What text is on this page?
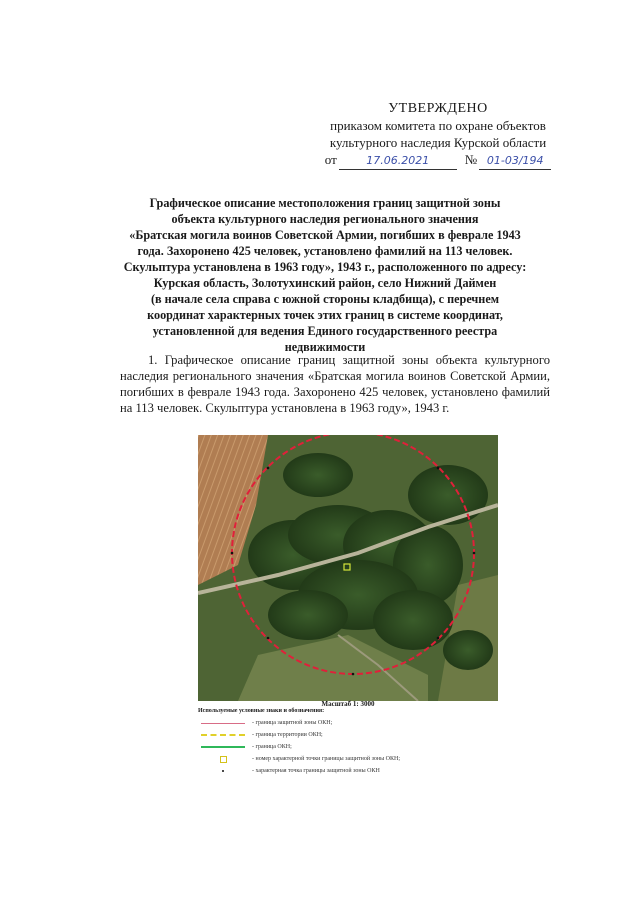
УТВЕРЖДЕНО
приказом комитета по охране объектов
культурного наследия Курской области
от	17.06.2021	№ 01-03/194
Графическое описание местоположения границ защитной зоны
объекта культурного наследия регионального значения
«Братская могила воинов Советской Армии, погибших в феврале 1943
года. Захоронено 425 человек, установлено фамилий на 113 человек.
Скульптура установлена в 1963 году», 1943 г., расположенного по адресу:
Курская область, Золотухинский район, село Нижний Даймен
(в начале села справа с южной стороны кладбища), с перечнем
координат характерных точек этих границ в системе координат,
установленной для ведения Единого государственного реестра
недвижимости

1. Графическое описание границ защитной зоны объекта культурного наследия регионального значения «Братская могила воинов Советской Армии, погибших в феврале 1943 года. Захоронено 425 человек, установлено фамилий на 113 человек. Скульптура установлена в 1963 году», 1943 г.

Масштаб 1: 3000
Используемые условные знаки и обозначения:
- граница защитной зоны ОКН;
- граница территории ОКН;
- граница ОКН;
- номер характерной точки границы защитной зоны ОКН;
- характерная точка границы защитной зоны ОКН
